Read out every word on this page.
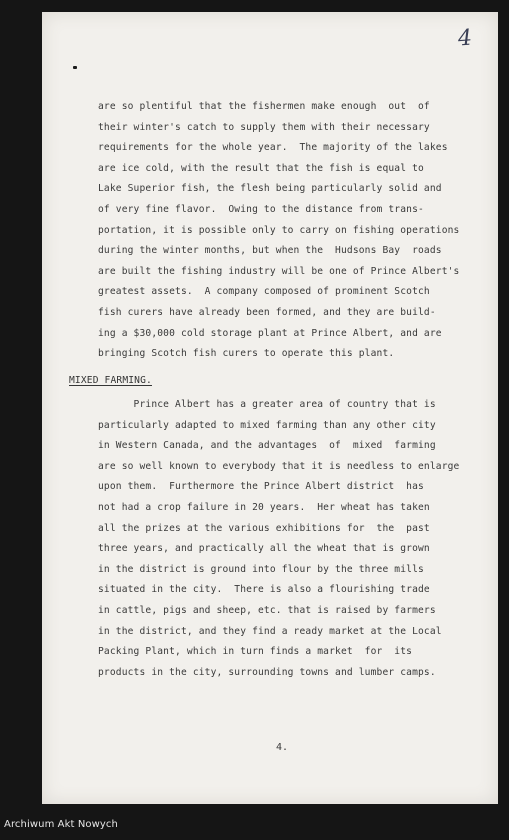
4
are so plentiful that the fishermen make enough  out  of
their winter's catch to supply them with their necessary
requirements for the whole year.  The majority of the lakes
are ice cold, with the result that the fish is equal to
Lake Superior fish, the flesh being particularly solid and
of very fine flavor.  Owing to the distance from trans-
portation, it is possible only to carry on fishing operations
during the winter months, but when the  Hudsons Bay  roads
are built the fishing industry will be one of Prince Albert's
greatest assets.  A company composed of prominent Scotch
fish curers have already been formed, and they are build-
ing a $30,000 cold storage plant at Prince Albert, and are
bringing Scotch fish curers to operate this plant.
MIXED FARMING.
Prince Albert has a greater area of country that is
particularly adapted to mixed farming than any other city
in Western Canada, and the advantages  of  mixed  farming
are so well known to everybody that it is needless to enlarge
upon them.  Furthermore the Prince Albert district  has
not had a crop failure in 20 years.  Her wheat has taken
all the prizes at the various exhibitions for  the  past
three years, and practically all the wheat that is grown
in the district is ground into flour by the three mills
situated in the city.  There is also a flourishing trade
in cattle, pigs and sheep, etc. that is raised by farmers
in the district, and they find a ready market at the Local
Packing Plant, which in turn finds a market  for  its
products in the city, surrounding towns and lumber camps.
4.
Archiwum Akt Nowych
